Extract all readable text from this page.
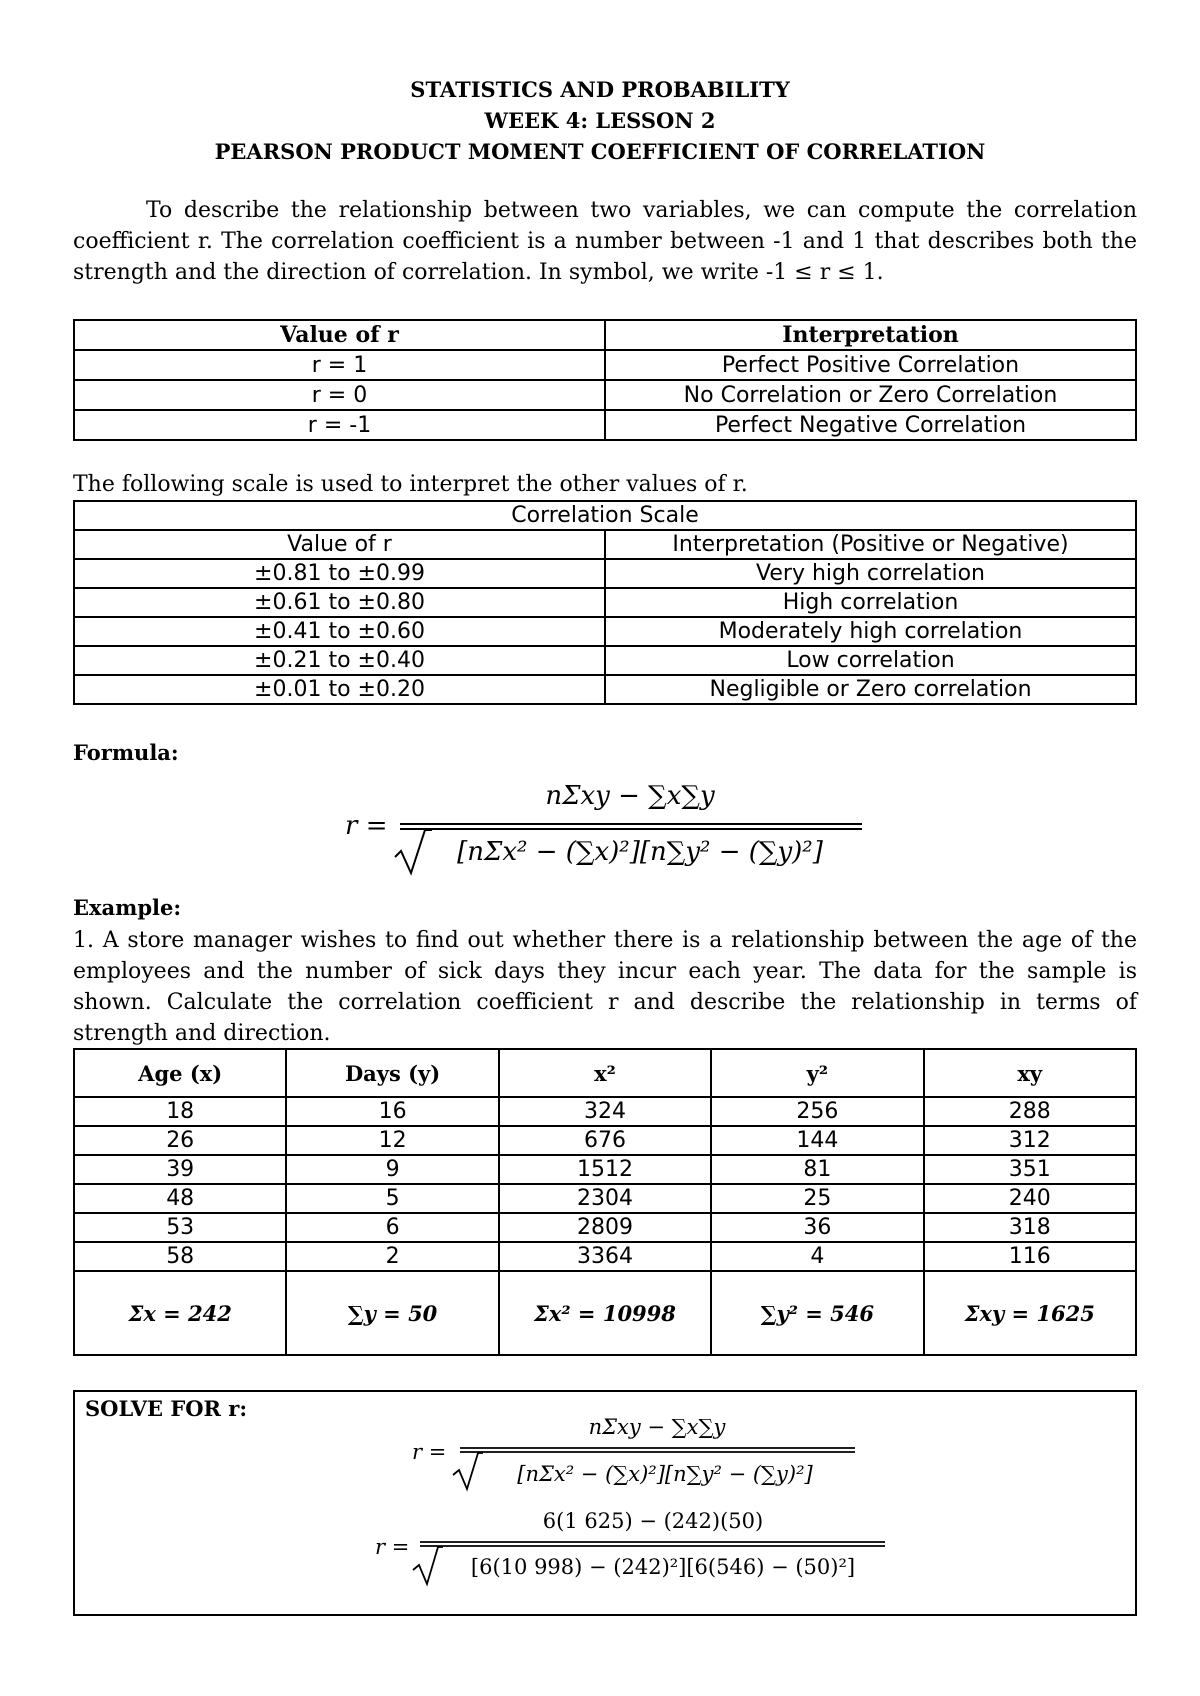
STATISTICS AND PROBABILITY
WEEK 4: LESSON 2
PEARSON PRODUCT MOMENT COEFFICIENT OF CORRELATION
To describe the relationship between two variables, we can compute the correlation coefficient r. The correlation coefficient is a number between -1 and 1 that describes both the strength and the direction of correlation. In symbol, we write -1 ≤ r ≤ 1.
Value of r	Interpretation
r = 1	Perfect Positive Correlation
r = 0	No Correlation or Zero Correlation
r = -1	Perfect Negative Correlation
The following scale is used to interpret the other values of r.
Correlation Scale	
Value of r	Interpretation (Positive or Negative)
±0.81 to ±0.99	Very high correlation
±0.61 to ±0.80	High correlation
±0.41 to ±0.60	Moderately high correlation
±0.21 to ±0.40	Low correlation
±0.01 to ±0.20	Negligible or Zero correlation
Formula:
r =
nΣxy − ∑x∑y
[nΣx² − (∑x)²][n∑y² − (∑y)²]
Example:
1. A store manager wishes to find out whether there is a relationship between the age of the employees and the number of sick days they incur each year. The data for the sample is shown. Calculate the correlation coefficient r and describe the relationship in terms of strength and direction.
Age (x)	Days (y)	x²	y²	xy
18	16	324	256	288
26	12	676	144	312
39	9	1512	81	351
48	5	2304	25	240
53	6	2809	36	318
58	2	3364	4	116
Σx = 242	∑y = 50	Σx² = 10998	∑y² = 546	Σxy = 1625
SOLVE FOR r:
r =
nΣxy − ∑x∑y
[nΣx² − (∑x)²][n∑y² − (∑y)²]
r =
6(1 625) − (242)(50)
[6(10 998) − (242)²][6(546) − (50)²]
